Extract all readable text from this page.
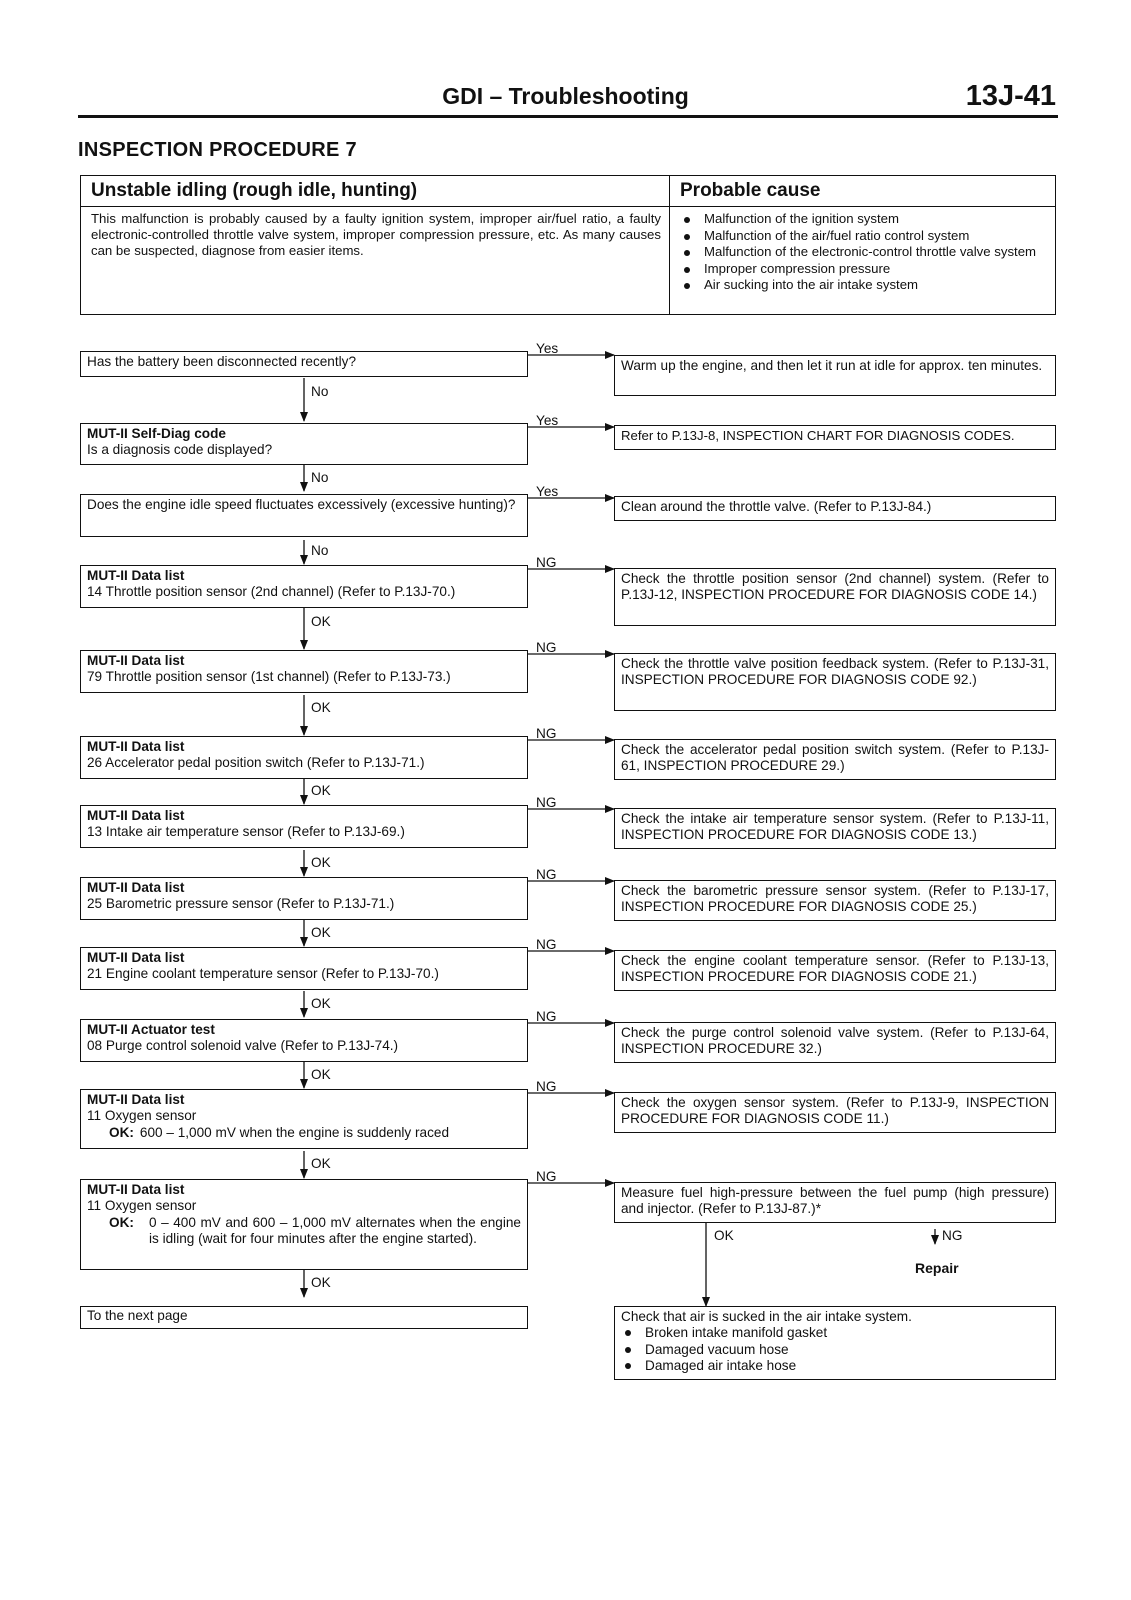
GDI – Troubleshooting	13J-41
INSPECTION PROCEDURE 7
Unstable idling (rough idle, hunting)
This malfunction is probably caused by a faulty ignition system, improper air/fuel ratio, a faulty electronic-controlled throttle valve system, improper compression pressure, etc. As many causes can be suspected, diagnose from easier items.
Probable cause
Malfunction of the ignition system
Malfunction of the air/fuel ratio control system
Malfunction of the electronic-control throttle valve system
Improper compression pressure
Air sucking into the air intake system
Has the battery been disconnected recently?
MUT-II Self-Diag code
Is a diagnosis code displayed?
Does the engine idle speed fluctuates excessively (excessive hunting)?
MUT-II Data list
14 Throttle position sensor (2nd channel) (Refer to P.13J-70.)
MUT-II Data list
79 Throttle position sensor (1st channel) (Refer to P.13J-73.)
MUT-II Data list
26 Accelerator pedal position switch (Refer to P.13J-71.)
MUT-II Data list
13 Intake air temperature sensor (Refer to P.13J-69.)
MUT-II Data list
25 Barometric pressure sensor (Refer to P.13J-71.)
MUT-II Data list
21 Engine coolant temperature sensor (Refer to P.13J-70.)
MUT-II Actuator test
08 Purge control solenoid valve (Refer to P.13J-74.)
MUT-II Data list
11 Oxygen sensor
OK: 600 – 1,000 mV when the engine is suddenly raced
MUT-II Data list
11 Oxygen sensor
OK: 0 – 400 mV and 600 – 1,000 mV alternates when the engine is idling (wait for four minutes after the engine started).
To the next page
Warm up the engine, and then let it run at idle for approx. ten minutes.
Refer to P.13J-8, INSPECTION CHART FOR DIAGNOSIS CODES.
Clean around the throttle valve. (Refer to P.13J-84.)
Check the throttle position sensor (2nd channel) system. (Refer to P.13J-12, INSPECTION PROCEDURE FOR DIAGNOSIS CODE 14.)
Check the throttle valve position feedback system. (Refer to P.13J-31, INSPECTION PROCEDURE FOR DIAGNOSIS CODE 92.)
Check the accelerator pedal position switch system. (Refer to P.13J-61, INSPECTION PROCEDURE 29.)
Check the intake air temperature sensor system. (Refer to P.13J-11, INSPECTION PROCEDURE FOR DIAGNOSIS CODE 13.)
Check the barometric pressure sensor system. (Refer to P.13J-17, INSPECTION PROCEDURE FOR DIAGNOSIS CODE 25.)
Check the engine coolant temperature sensor. (Refer to P.13J-13, INSPECTION PROCEDURE FOR DIAGNOSIS CODE 21.)
Check the purge control solenoid valve system. (Refer to P.13J-64, INSPECTION PROCEDURE 32.)
Check the oxygen sensor system. (Refer to P.13J-9, INSPECTION PROCEDURE FOR DIAGNOSIS CODE 11.)
Measure fuel high-pressure between the fuel pump (high pressure) and injector. (Refer to P.13J-87.)*
Check that air is sucked in the air intake system.
Broken intake manifold gasket
Damaged vacuum hose
Damaged air intake hose
Yes
Yes
Yes
NG
NG
NG
NG
NG
NG
NG
NG
NG
No
No
No
OK
OK
OK
OK
OK
OK
OK
OK
OK
OK	NG
Repair
